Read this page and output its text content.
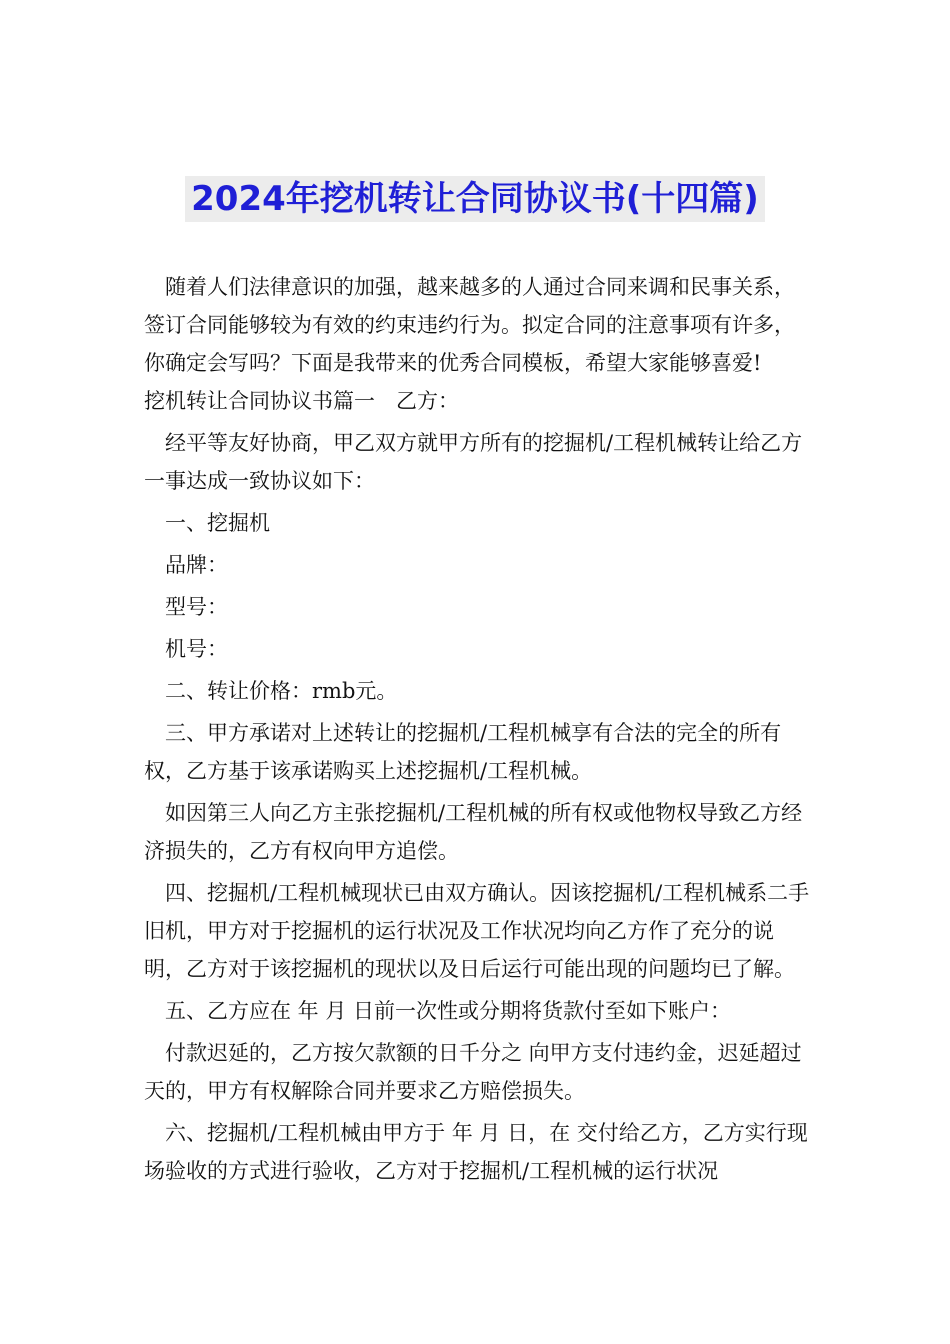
2024年挖机转让合同协议书(十四篇)

随着人们法律意识的加强，越来越多的人通过合同来调和民事关系，签订合同能够较为有效的约束违约行为。拟定合同的注意事项有许多，你确定会写吗？下面是我带来的优秀合同模板，希望大家能够喜爱!

挖机转让合同协议书篇一　乙方：

经平等友好协商，甲乙双方就甲方所有的挖掘机/工程机械转让给乙方一事达成一致协议如下：

一、挖掘机

品牌：

型号：

机号：

二、转让价格：rmb元。

三、甲方承诺对上述转让的挖掘机/工程机械享有合法的完全的所有权，乙方基于该承诺购买上述挖掘机/工程机械。

如因第三人向乙方主张挖掘机/工程机械的所有权或他物权导致乙方经济损失的，乙方有权向甲方追偿。

四、挖掘机/工程机械现状已由双方确认。因该挖掘机/工程机械系二手旧机，甲方对于挖掘机的运行状况及工作状况均向乙方作了充分的说明，乙方对于该挖掘机的现状以及日后运行可能出现的问题均已了解。

五、乙方应在 年 月 日前一次性或分期将货款付至如下账户：

付款迟延的，乙方按欠款额的日千分之 向甲方支付违约金，迟延超过 天的，甲方有权解除合同并要求乙方赔偿损失。

六、挖掘机/工程机械由甲方于 年 月 日，在 交付给乙方，乙方实行现场验收的方式进行验收，乙方对于挖掘机/工程机械的运行状况
